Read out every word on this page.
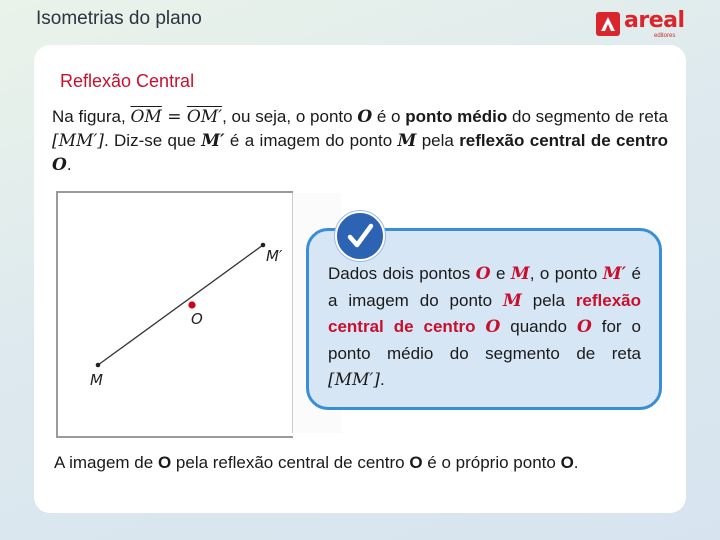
Isometrias do plano	areal
editores
Reflexão Central
Na figura, $\overline{OM} = OM'$, ou seja, o ponto O é o ponto médio do segmento de reta [MM′]. Diz-se que M′ é a imagem do ponto M pela reflexão central de centro O.
M
O
M′
Dados dois pontos O e M, o ponto M′ é a imagem do ponto M pela reflexão central de centro O quando O for o ponto médio do segmento de reta [MM′].
A imagem de O pela reflexão central de centro O é o próprio ponto O.
